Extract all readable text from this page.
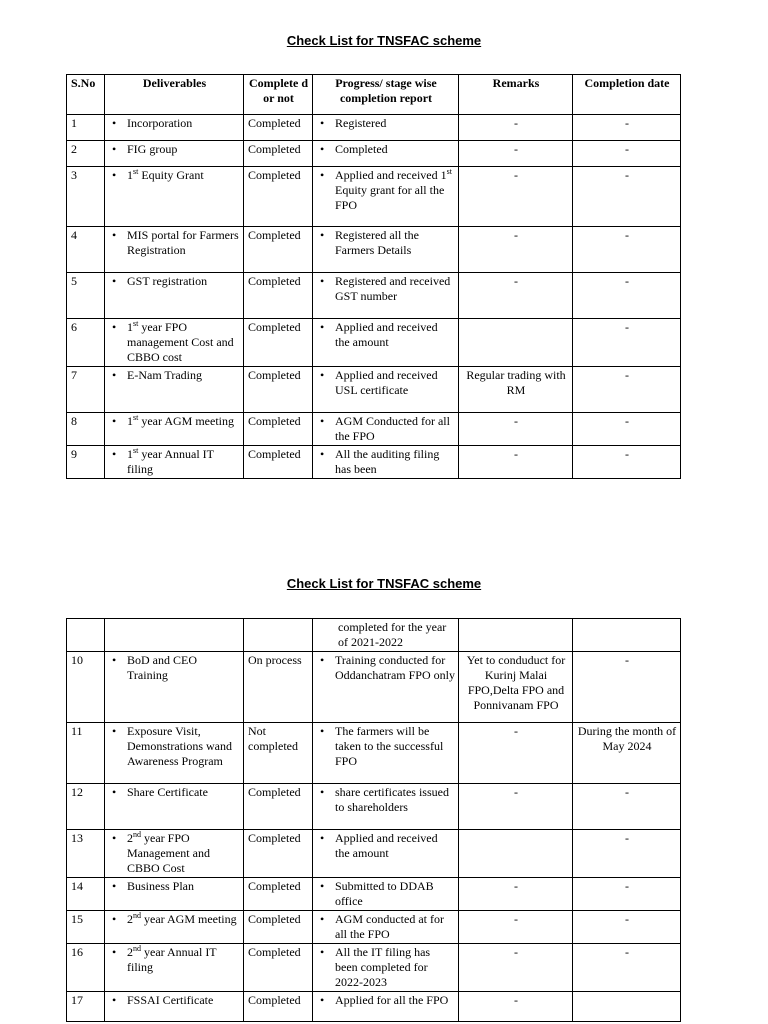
Check List for TNSFAC scheme
S.No	Deliverables	Complete d or not	Progress/ stage wise completion report	Remarks	Completion date
1	• Incorporation	Completed	• Registered	-	-
2	• FIG group	Completed	• Completed	-	-
3	• 1st Equity Grant	Completed	• Applied and received 1st Equity grant for all the FPO	-	-
4	• MIS portal for Farmers Registration	Completed	• Registered all the Farmers Details	-	-
5	• GST registration	Completed	• Registered and received GST number	-	-
6	• 1st year FPO management Cost and CBBO cost	Completed	• Applied and received the amount		-
7	• E-Nam Trading	Completed	• Applied and received USL certificate	Regular trading with RM	-
8	• 1st year AGM meeting	Completed	• AGM Conducted for all the FPO	-	-
9	• 1st year Annual IT filing	Completed	• All the auditing filing has been	-	-
Check List for TNSFAC scheme
			completed for the year of 2021-2022		
10	• BoD and CEO Training	On process	• Training conducted for Oddanchatram FPO only	Yet to conduduct for Kurinj Malai FPO,Delta FPO and Ponnivanam FPO	-
11	• Exposure Visit, Demonstrations wand Awareness Program	Not completed	• The farmers will be taken to the successful FPO	-	During the month of May 2024
12	• Share Certificate	Completed	• share certificates issued to shareholders	-	-
13	• 2nd year FPO Management and CBBO Cost	Completed	• Applied and received the amount		-
14	• Business Plan	Completed	• Submitted to DDAB office	-	-
15	• 2nd year AGM meeting	Completed	• AGM conducted at for all the FPO	-	-
16	• 2nd year Annual IT filing	Completed	• All the IT filing has been completed for 2022-2023	-	-
17	• FSSAI Certificate	Completed	• Applied for all the FPO	-	
